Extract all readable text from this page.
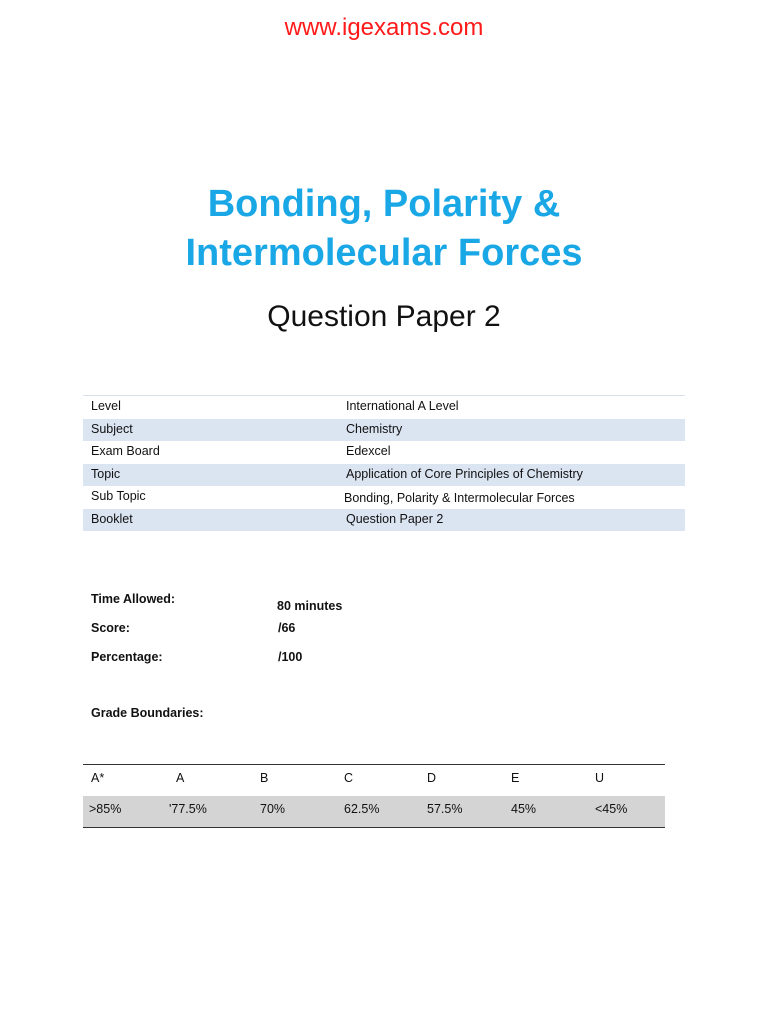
www.igexams.com
Bonding, Polarity &
Intermolecular Forces
Question Paper 2
Level	International A Level
Subject	Chemistry
Exam Board	Edexcel
Topic	Application of Core Principles of Chemistry
Sub Topic	Bonding, Polarity & Intermolecular Forces
Booklet	Question Paper 2
Time Allowed:	80 minutes
Score:	/66
Percentage:	/100
Grade Boundaries:
A*	A	B	C	D	E	U
>85%	'77.5%	70%	62.5%	57.5%	45%	<45%
